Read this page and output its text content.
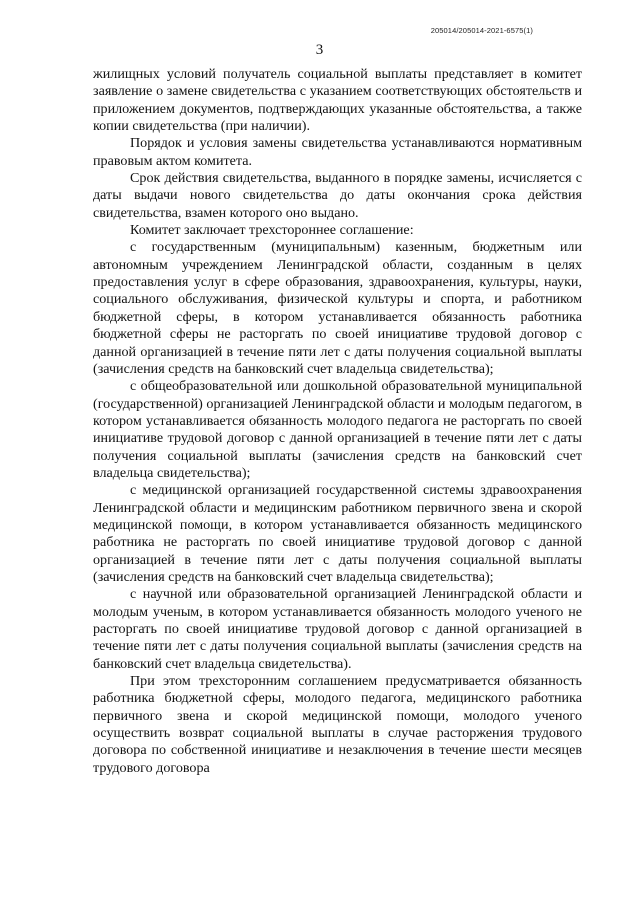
205014/205014-2021-6575(1)
3

жилищных условий получатель социальной выплаты представляет в комитет заявление о замене свидетельства с указанием соответствующих обстоятельств и приложением документов, подтверждающих указанные обстоятельства, а также копии свидетельства (при наличии).

Порядок и условия замены свидетельства устанавливаются нормативным правовым актом комитета.

Срок действия свидетельства, выданного в порядке замены, исчисляется с даты выдачи нового свидетельства до даты окончания срока действия свидетельства, взамен которого оно выдано.

Комитет заключает трехстороннее соглашение:

с государственным (муниципальным) казенным, бюджетным или автономным учреждением Ленинградской области, созданным в целях предоставления услуг в сфере образования, здравоохранения, культуры, науки, социального обслуживания, физической культуры и спорта, и работником бюджетной сферы, в котором устанавливается обязанность работника бюджетной сферы не расторгать по своей инициативе трудовой договор с данной организацией в течение пяти лет с даты получения социальной выплаты (зачисления средств на банковский счет владельца свидетельства);

с общеобразовательной или дошкольной образовательной муниципальной (государственной) организацией Ленинградской области и молодым педагогом, в котором устанавливается обязанность молодого педагога не расторгать по своей инициативе трудовой договор с данной организацией в течение пяти лет с даты получения социальной выплаты (зачисления средств на банковский счет владельца свидетельства);

с медицинской организацией государственной системы здравоохранения Ленинградской области и медицинским работником первичного звена и скорой медицинской помощи, в котором устанавливается обязанность медицинского работника не расторгать по своей инициативе трудовой договор с данной организацией в течение пяти лет с даты получения социальной выплаты (зачисления средств на банковский счет владельца свидетельства);

с научной или образовательной организацией Ленинградской области и молодым ученым, в котором устанавливается обязанность молодого ученого не расторгать по своей инициативе трудовой договор с данной организацией в течение пяти лет с даты получения социальной выплаты (зачисления средств на банковский счет владельца свидетельства).

При этом трехсторонним соглашением предусматривается обязанность работника бюджетной сферы, молодого педагога, медицинского работника первичного звена и скорой медицинской помощи, молодого ученого осуществить возврат социальной выплаты в случае расторжения трудового договора по собственной инициативе и незаключения в течение шести месяцев трудового договора
